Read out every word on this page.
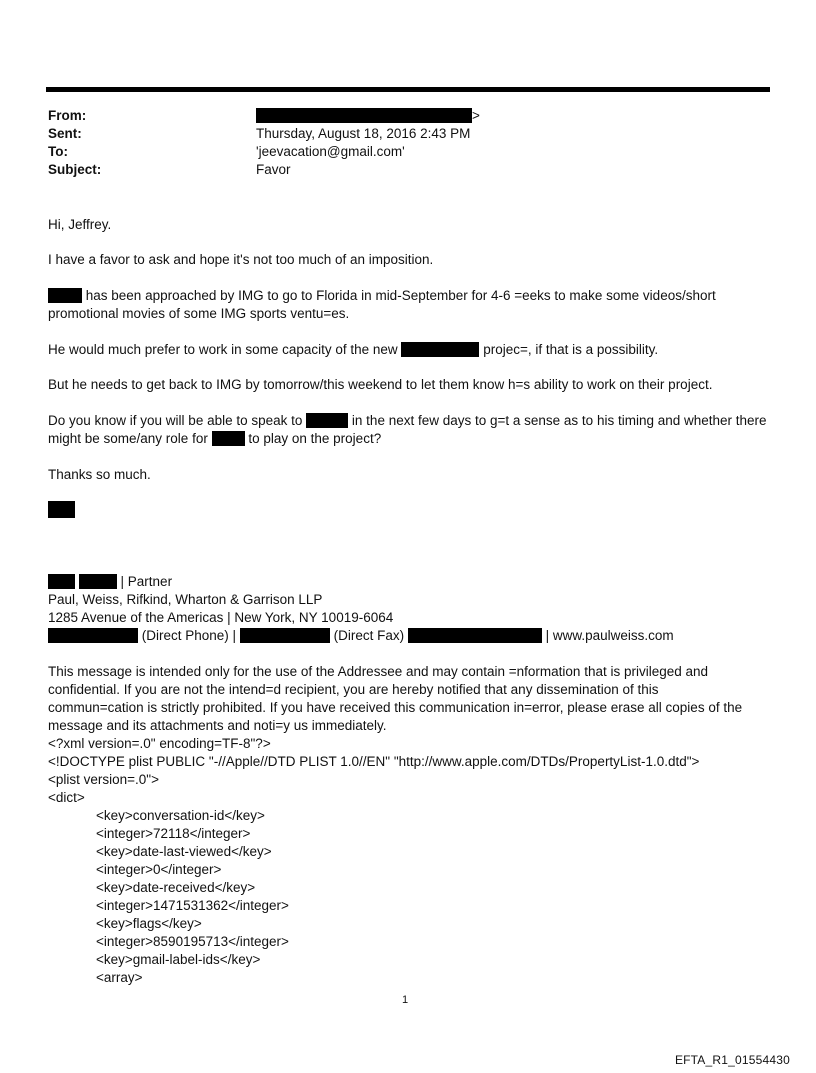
From:	>
Sent:	Thursday, August 18, 2016 2:43 PM
To:	'jeevacation@gmail.com'
Subject:	Favor
Hi, Jeffrey.
I have a favor to ask and hope it's not too much of an imposition.
has been approached by IMG to go to Florida in mid-September for 4-6 =eeks to make some videos/short
promotional movies of some IMG sports ventu=es.
He would much prefer to work in some capacity of the new	projec=, if that is a possibility.
But he needs to get back to IMG by tomorrow/this weekend to let them know h=s ability to work on their project.
Do you know if you will be able to speak to	in the next few days to g=t a sense as to his timing and whether there
might be some/any role for	to play on the project?
Thanks so much.
| Partner
Paul, Weiss, Rifkind, Wharton & Garrison LLP
1285 Avenue of the Americas | New York, NY 10019-6064
(Direct Phone) |	(Direct Fax)	| www.paulweiss.com
This message is intended only for the use of the Addressee and may contain =nformation that is privileged and
confidential. If you are not the intend=d recipient, you are hereby notified that any dissemination of this
commun=cation is strictly prohibited. If you have received this communication in=error, please erase all copies of the
message and its attachments and noti=y us immediately.
<?xml version=.0" encoding=TF-8"?>
<!DOCTYPE plist PUBLIC "-//Apple//DTD PLIST 1.0//EN" "http://www.apple.com/DTDs/PropertyList-1.0.dtd">
<plist version=.0">
<dict>
<key>conversation-id</key>
<integer>72118</integer>
<key>date-last-viewed</key>
<integer>0</integer>
<key>date-received</key>
<integer>1471531362</integer>
<key>flags</key>
<integer>8590195713</integer>
<key>gmail-label-ids</key>
<array>
1
EFTA_R1_01554430
